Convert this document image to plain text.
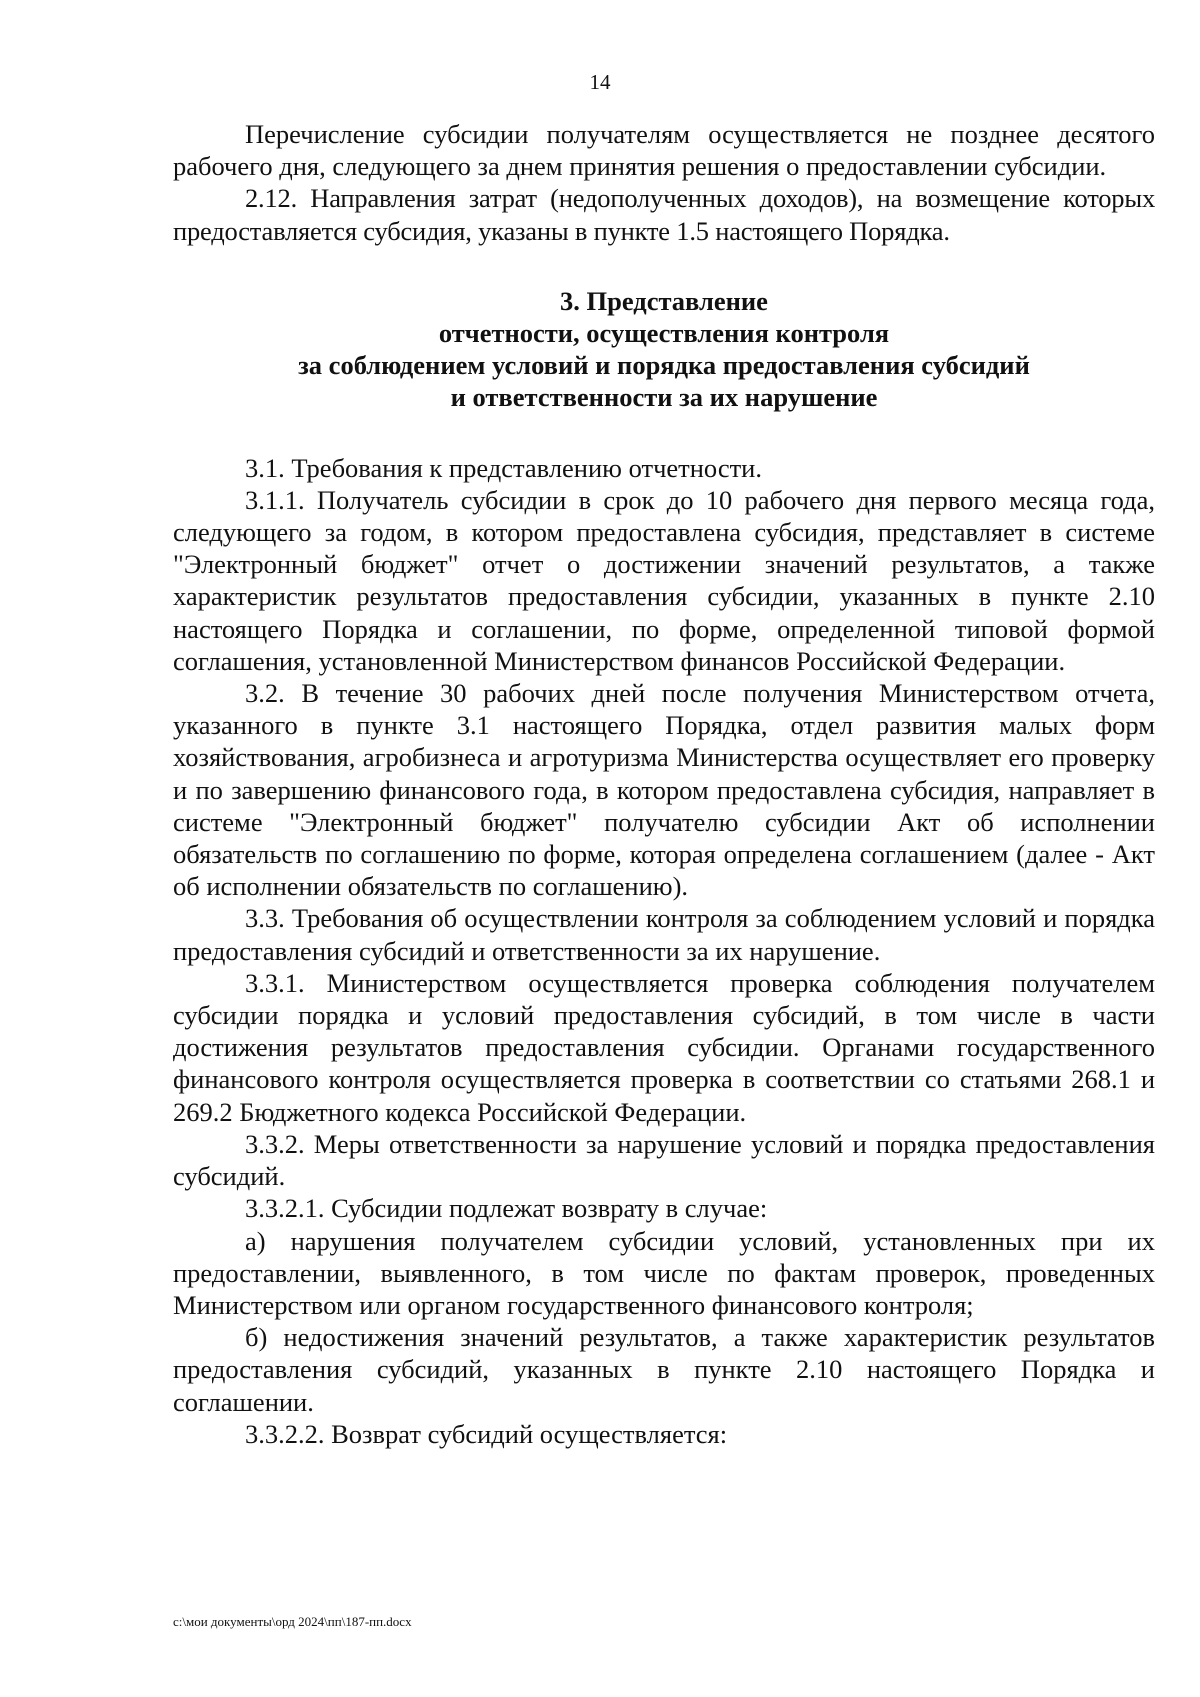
14

Перечисление субсидии получателям осуществляется не позднее десятого рабочего дня, следующего за днем принятия решения о предоставлении субсидии.

2.12. Направления затрат (недополученных доходов), на возмещение которых предоставляется субсидия, указаны в пункте 1.5 настоящего Порядка.

3. Представление
отчетности, осуществления контроля
за соблюдением условий и порядка предоставления субсидий
и ответственности за их нарушение

3.1. Требования к представлению отчетности.

3.1.1. Получатель субсидии в срок до 10 рабочего дня первого месяца года, следующего за годом, в котором предоставлена субсидия, представляет в системе "Электронный бюджет" отчет о достижении значений результатов, а также характеристик результатов предоставления субсидии, указанных в пункте 2.10 настоящего Порядка и соглашении, по форме, определенной типовой формой соглашения, установленной Министерством финансов Российской Федерации.

3.2. В течение 30 рабочих дней после получения Министерством отчета, указанного в пункте 3.1 настоящего Порядка, отдел развития малых форм хозяйствования, агробизнеса и агротуризма Министерства осуществляет его проверку и по завершению финансового года, в котором предоставлена субсидия, направляет в системе "Электронный бюджет" получателю субсидии Акт об исполнении обязательств по соглашению по форме, которая определена соглашением (далее - Акт об исполнении обязательств по соглашению).

3.3. Требования об осуществлении контроля за соблюдением условий и порядка предоставления субсидий и ответственности за их нарушение.

3.3.1. Министерством осуществляется проверка соблюдения получателем субсидии порядка и условий предоставления субсидий, в том числе в части достижения результатов предоставления субсидии. Органами государственного финансового контроля осуществляется проверка в соответствии со статьями 268.1 и 269.2 Бюджетного кодекса Российской Федерации.

3.3.2. Меры ответственности за нарушение условий и порядка предоставления субсидий.

3.3.2.1. Субсидии подлежат возврату в случае:

а) нарушения получателем субсидии условий, установленных при их предоставлении, выявленного, в том числе по фактам проверок, проведенных Министерством или органом государственного финансового контроля;

б) недостижения значений результатов, а также характеристик результатов предоставления субсидий, указанных в пункте 2.10 настоящего Порядка и соглашении.

3.3.2.2. Возврат субсидий осуществляется:

c:\мои документы\орд 2024\пп\187-пп.docx
